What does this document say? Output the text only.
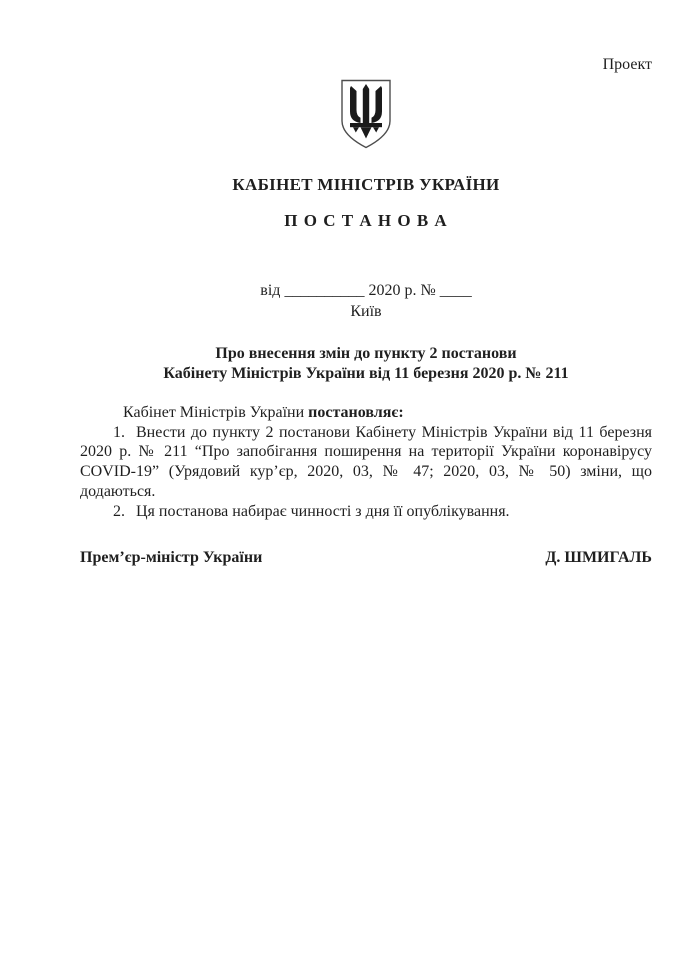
Проект
КАБІНЕТ МІНІСТРІВ УКРАЇНИ
П О С Т А Н О В А
від __________ 2020 р. № ____
Київ
Про внесення змін до пункту 2 постанови
Кабінету Міністрів України від 11 березня 2020 р. № 211

Кабінет Міністрів України постановляє:

1. Внести до пункту 2 постанови Кабінету Міністрів України від 11 березня 2020 р. № 211 “Про запобігання поширення на території України коронавірусу COVID-19” (Урядовий кур’єр, 2020, 03, № 47; 2020, 03, № 50) зміни, що додаються.

2. Ця постанова набирає чинності з дня її опублікування.

Прем’єр-міністр України	Д. ШМИГАЛЬ
